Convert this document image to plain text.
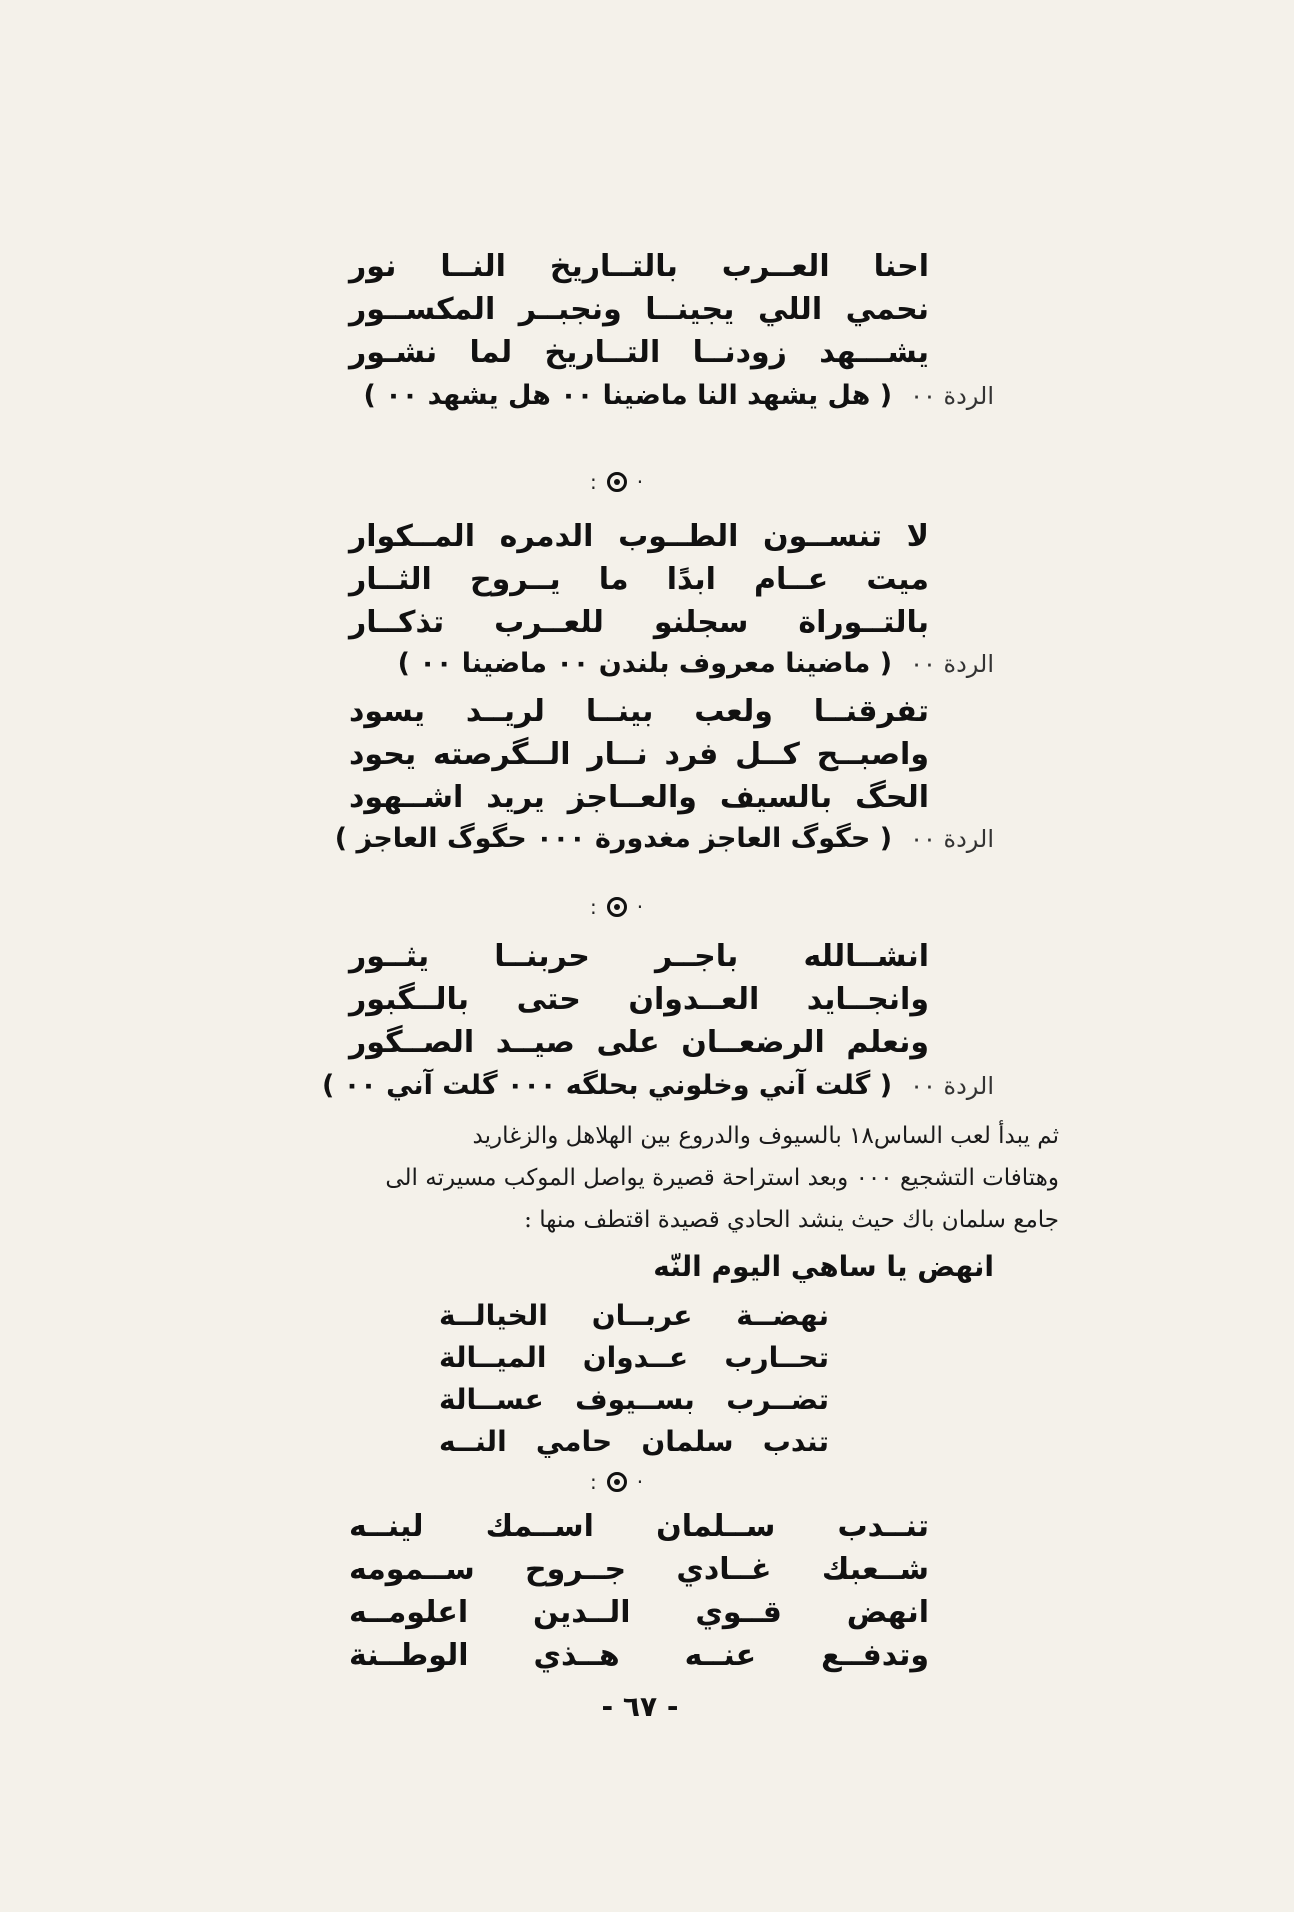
احنا العــرب بالتــاريخ النــا نور
نحمي اللي يجينــا ونجبــر المكســور
يشـــهد زودنــا التــاريخ لما نشـور
الردة ٠٠
( هل يشهد النا ماضينا ٠٠ هل يشهد ٠٠ )
: ·
لا تنســون الطــوب الدمره المــكوار
ميت عــام ابدًا ما يــروح الثــار
بالتــوراة سجلنو للعــرب تذكــار
الردة ٠٠
( ماضينا معروف بلندن ٠٠ ماضينا ٠٠ )
تفرقنــا ولعب بينــا لريــد يسود
واصبــح كــل فرد نــار الــگرصته يحود
الحگ بالسيف والعــاجز يريد اشــهود
الردة ٠٠
( حگوگ العاجز مغدورة ٠٠٠ حگوگ العاجز )
: ·
انشــالله باجــر حربنــا يثــور
وانجــايد العــدوان حتى بالــگبور
ونعلم الرضعــان على صيــد الصــگور
الردة ٠٠
( گلت آني وخلوني بحلگه ٠٠٠ گلت آني ٠٠ )

ثم يبدأ لعب الساس١٨ بالسيوف والدروع بين الهلاهل والزغاريد

وهتافات التشجيع ٠٠٠ وبعد استراحة قصيرة يواصل الموكب مسيرته الى

جامع سلمان باك حيث ينشد الحادي قصيدة اقتطف منها :

انهض يا ساهي اليوم النّه
نهضــة عربــان الخيالــة
تحــارب عــدوان الميــالة
تضــرب بســيوف عســالة
تندب سلمان حامي النــه
: ·
تنــدب ســلمان اســمك لينــه
شــعبك غــادي جــروح ســمومه
انهض قــوي الــدين اعلومــه
وتدفــع عنــه هــذي الوطــنة
- ٦٧ -
